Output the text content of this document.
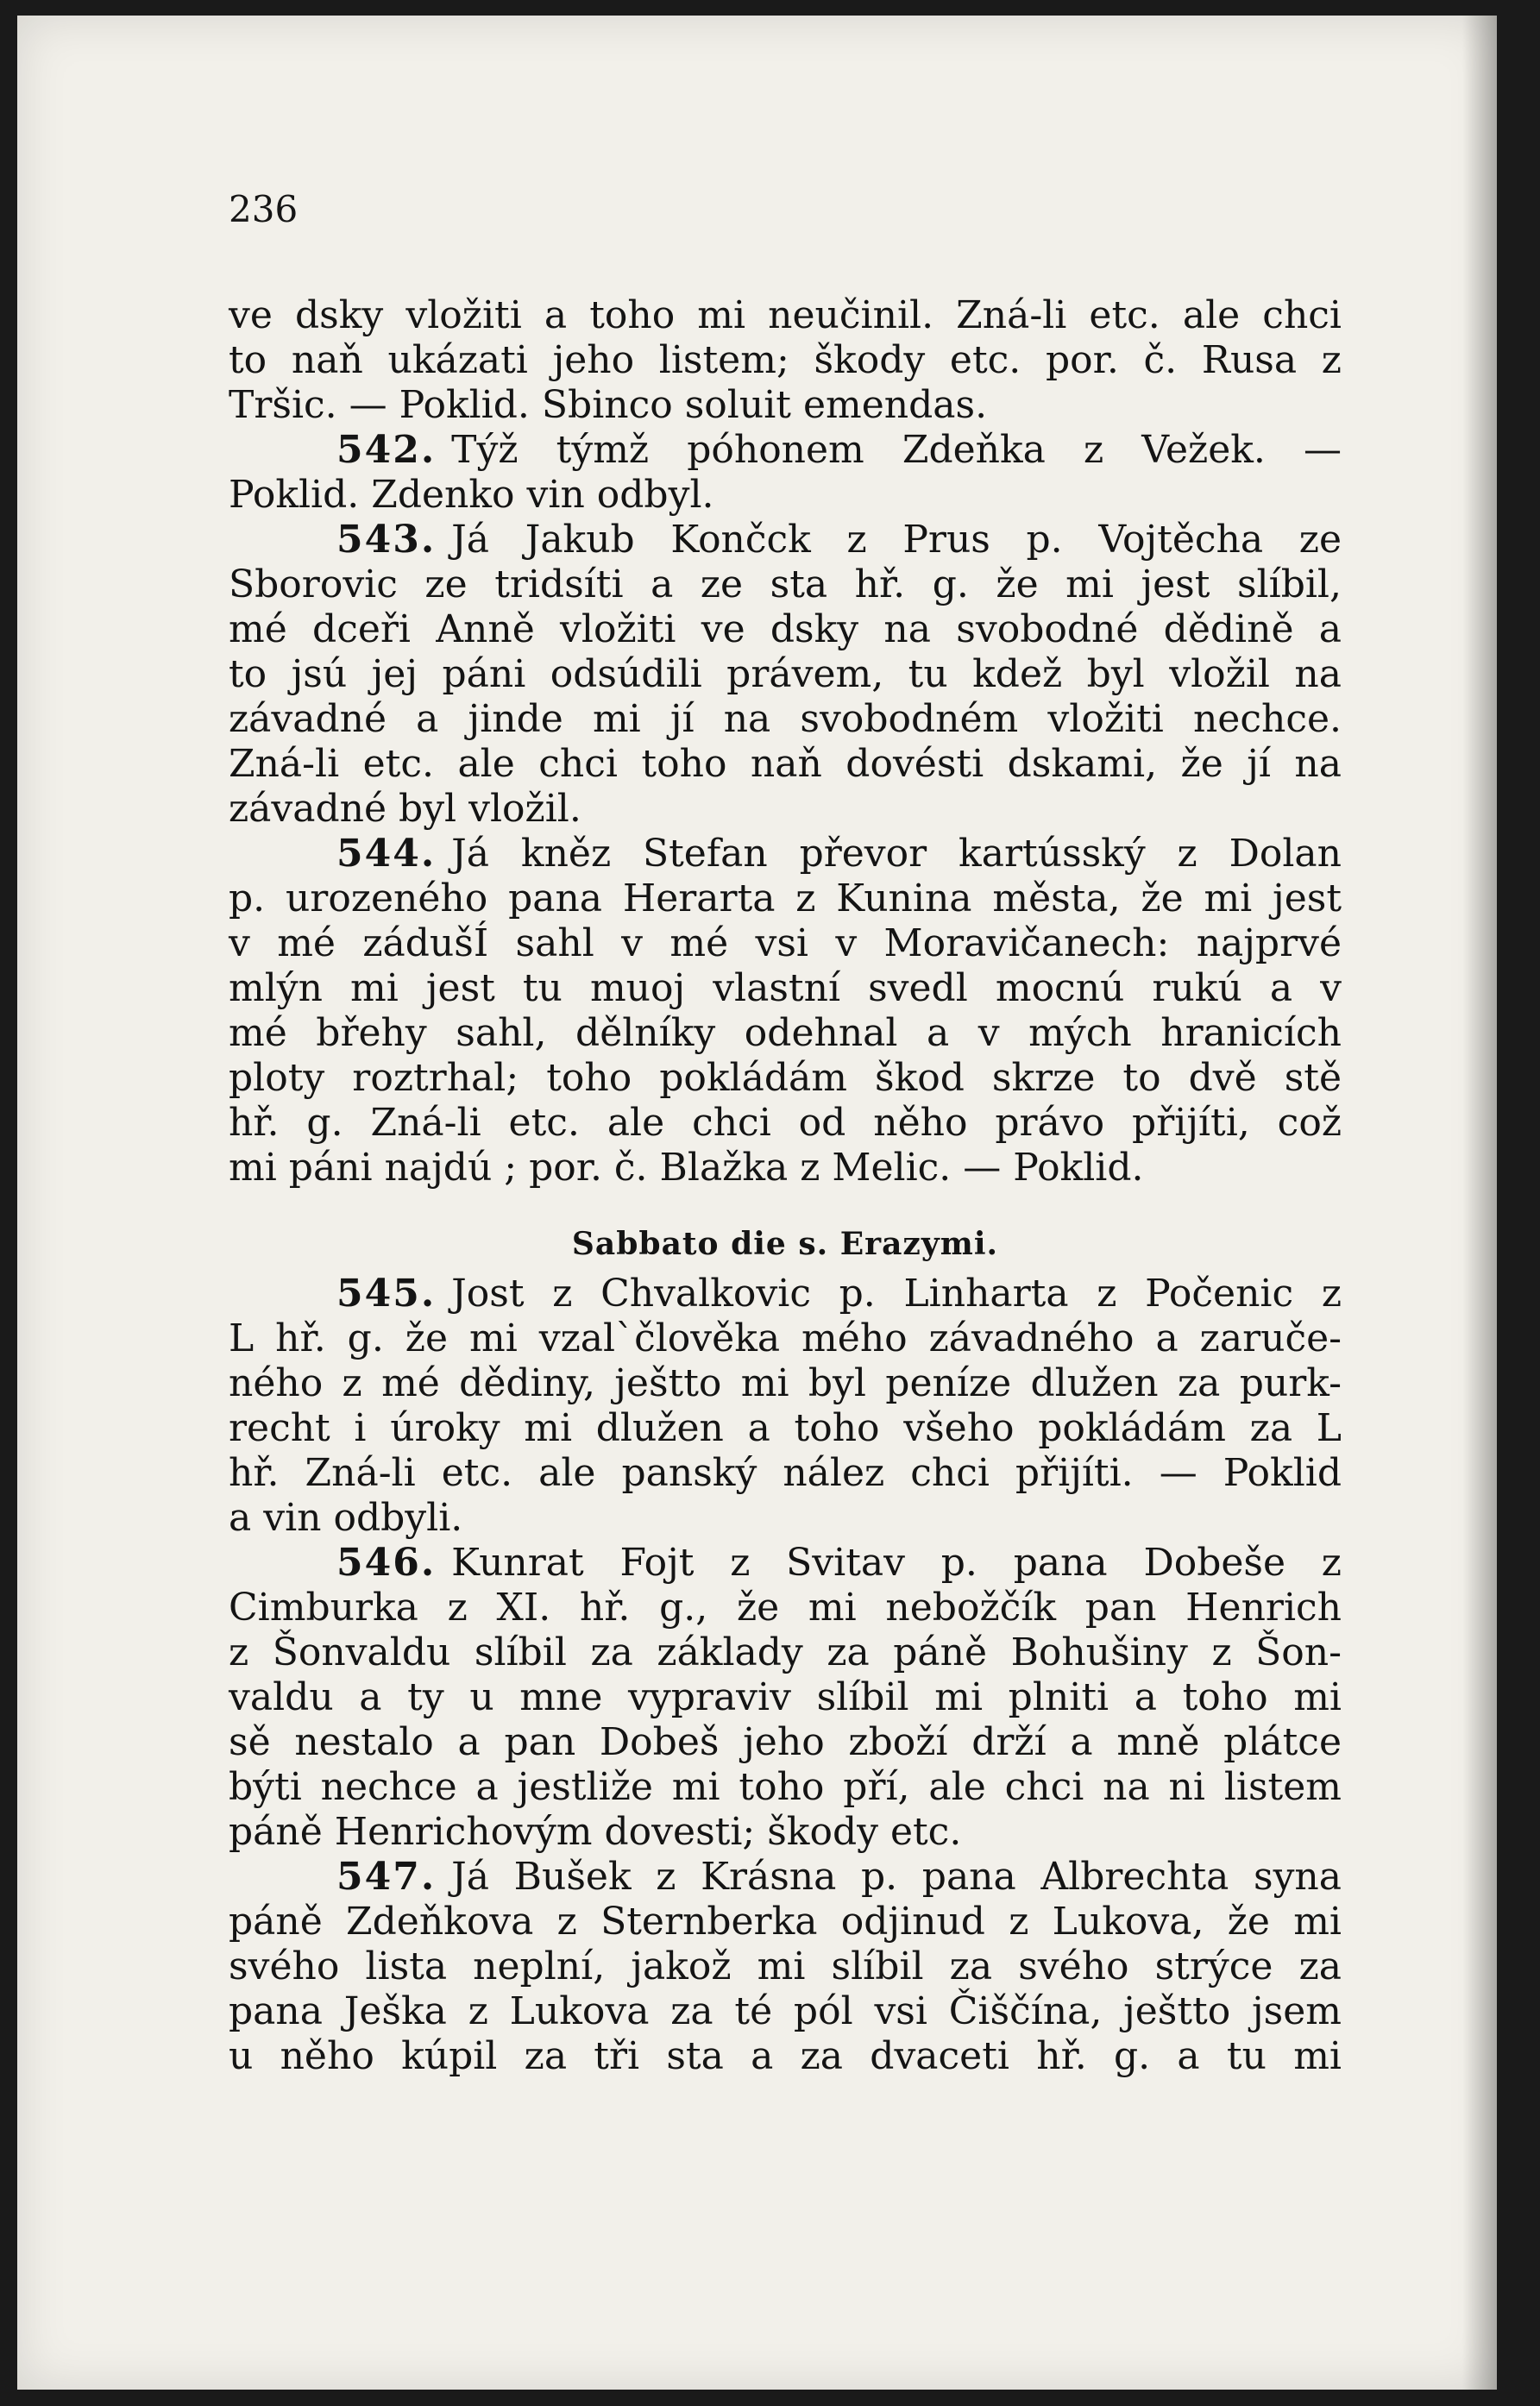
236
ve dsky vložiti a toho mi neučinil. Zná-li etc. ale chci
to naň ukázati jeho listem; škody etc. por. č. Rusa z
Tršic. — Poklid. Sbinco soluit emendas.
542. Týž týmž póhonem Zdeňka z Vežek. —
Poklid. Zdenko vin odbyl.
543. Já Jakub Končck z Prus p. Vojtěcha ze
Sborovic ze tridsíti a ze sta hř. g. že mi jest slíbil,
mé dceři Anně vložiti ve dsky na svobodné dědině a
to jsú jej páni odsúdili právem, tu kdež byl vložil na
závadné a jinde mi jí na svobodném vložiti nechce.
Zná-li etc. ale chci toho naň dovésti dskami, že jí na
závadné byl vložil.
544. Já kněz Stefan převor kartússký z Dolan
p. urozeného pana Herarta z Kunina města, že mi jest
v mé zádušÍ sahl v mé vsi v Moravičanech: najprvé
mlýn mi jest tu muoj vlastní svedl mocnú rukú a v
mé břehy sahl, dělníky odehnal a v mých hranicích
ploty roztrhal; toho pokládám škod skrze to dvě stě
hř. g. Zná-li etc. ale chci od něho právo přijíti, což
mi páni najdú ; por. č. Blažka z Melic. — Poklid.
Sabbato die s. Erazymi.
545. Jost z Chvalkovic p. Linharta z Počenic z
L hř. g. že mi vzal`člověka mého závadného a zaruče-
ného z mé dědiny, ještto mi byl peníze dlužen za purk-
recht i úroky mi dlužen a toho všeho pokládám za L
hř. Zná-li etc. ale panský nález chci přijíti. — Poklid
a vin odbyli.
546. Kunrat Fojt z Svitav p. pana Dobeše z
Cimburka z XI. hř. g., že mi nebožčík pan Henrich
z Šonvaldu slíbil za základy za páně Bohušiny z Šon-
valdu a ty u mne vypraviv slíbil mi plniti a toho mi
sě nestalo a pan Dobeš jeho zboží drží a mně plátce
býti nechce a jestliže mi toho pří, ale chci na ni listem
páně Henrichovým dovesti; škody etc.
547. Já Bušek z Krásna p. pana Albrechta syna
páně Zdeňkova z Sternberka odjinud z Lukova, že mi
svého lista neplní, jakož mi slíbil za svého strýce za
pana Ješka z Lukova za té pól vsi Čiščína, ještto jsem
u něho kúpil za tři sta a za dvaceti hř. g. a tu mi
